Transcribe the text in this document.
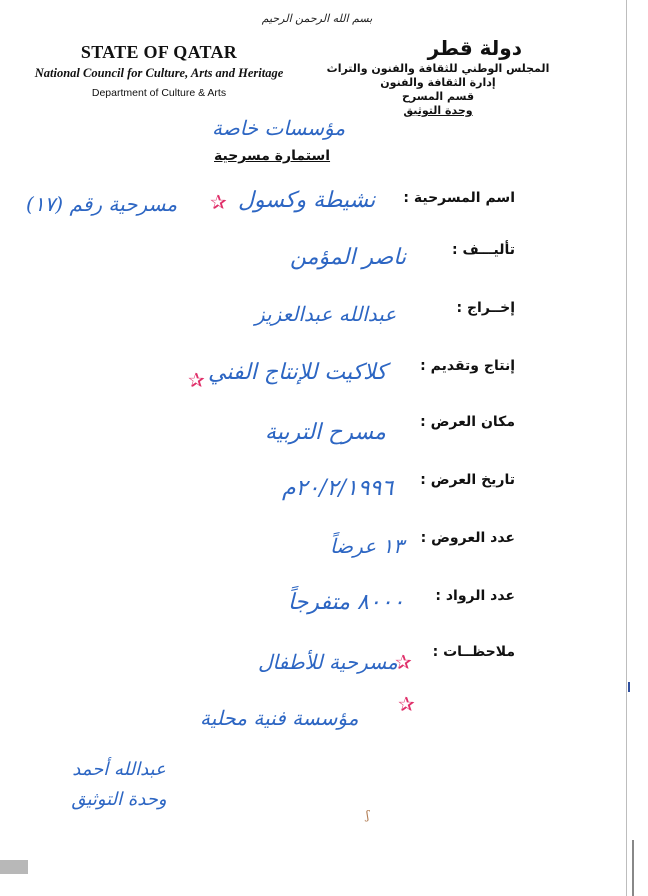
بسم الله الرحمن الرحيم
STATE OF QATAR
National Council for Culture, Arts and Heritage
Department of Culture & Arts
دولة قطر
المجلس الوطني للثقافة والفنون والتراث
إدارة الثقافة والفنون
قسم المسرح
وحدة التوثيق
مؤسسات خاصة
استمارة مسرحية
اسم المسرحية :
نشيطة وكسول
✰
مسرحية رقم (١٧)
تأليـــف :
ناصر المؤمن
إخــراج :
عبدالله عبدالعزيز
إنتاج وتقديم :
كلاكيت للإنتاج الفني
✰
مكان العرض :
مسرح التربية
تاريخ العرض :
٢٠/٢/١٩٩٦م
عدد العروض :
١٣ عرضاً
عدد الرواد :
٨٠٠٠ متفرجاً
ملاحظــات :
مسرحية للأطفال
✰
مؤسسة فنية محلية
✰
عبدالله أحمد
وحدة التوثيق
ʃ
